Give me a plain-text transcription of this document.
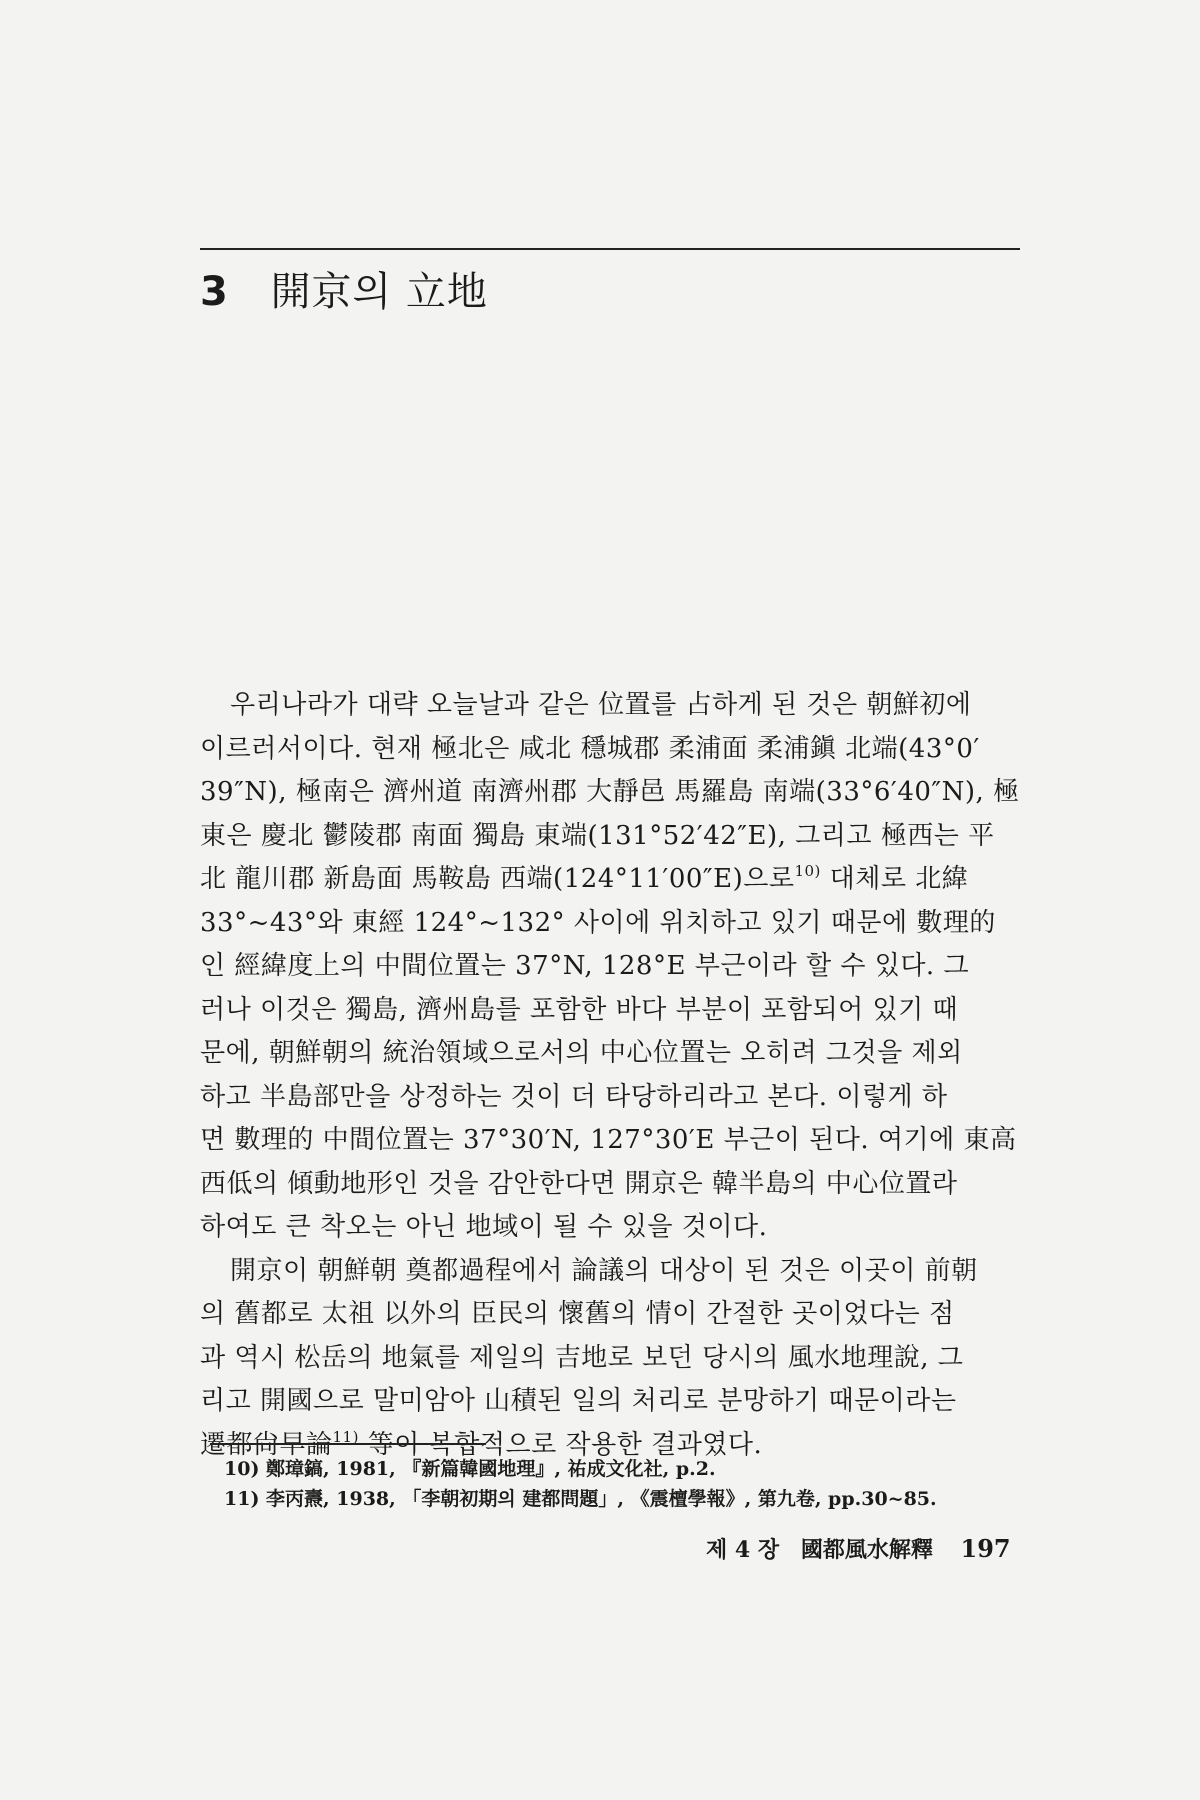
3 開京의 立地
우리나라가 대략 오늘날과 같은 位置를 占하게 된 것은 朝鮮初에
이르러서이다. 현재 極北은 咸北 穩城郡 柔浦面 柔浦鎭 北端(43°0′
39″N), 極南은 濟州道 南濟州郡 大靜邑 馬羅島 南端(33°6′40″N), 極
東은 慶北 鬱陵郡 南面 獨島 東端(131°52′42″E), 그리고 極西는 平
北 龍川郡 新島面 馬鞍島 西端(124°11′00″E)으로$^{10)}$ 대체로 北緯
33°~43°와 東經 124°~132° 사이에 위치하고 있기 때문에 數理的
인 經緯度上의 中間位置는 37°N, 128°E 부근이라 할 수 있다. 그
러나 이것은 獨島, 濟州島를 포함한 바다 부분이 포함되어 있기 때
문에, 朝鮮朝의 統治領域으로서의 中心位置는 오히려 그것을 제외
하고 半島部만을 상정하는 것이 더 타당하리라고 본다. 이렇게 하
면 數理的 中間位置는 37°30′N, 127°30′E 부근이 된다. 여기에 東高
西低의 傾動地形인 것을 감안한다면 開京은 韓半島의 中心位置라
하여도 큰 착오는 아닌 地域이 될 수 있을 것이다.
開京이 朝鮮朝 奠都過程에서 論議의 대상이 된 것은 이곳이 前朝
의 舊都로 太祖 以外의 臣民의 懷舊의 情이 간절한 곳이었다는 점
과 역시 松岳의 地氣를 제일의 吉地로 보던 당시의 風水地理說, 그
리고 開國으로 말미암아 山積된 일의 처리로 분망하기 때문이라는
遷都尙早論$^{11)}$ 等이 복합적으로 작용한 결과였다.
10) 鄭璋鎬, 1981, 『新篇韓國地理』, 祐成文化社, p.2.
11) 李丙燾, 1938, 「李朝初期의 建都問題」, 《震檀學報》, 第九卷, pp.30~85.
제 4 장 國都風水解釋 197
